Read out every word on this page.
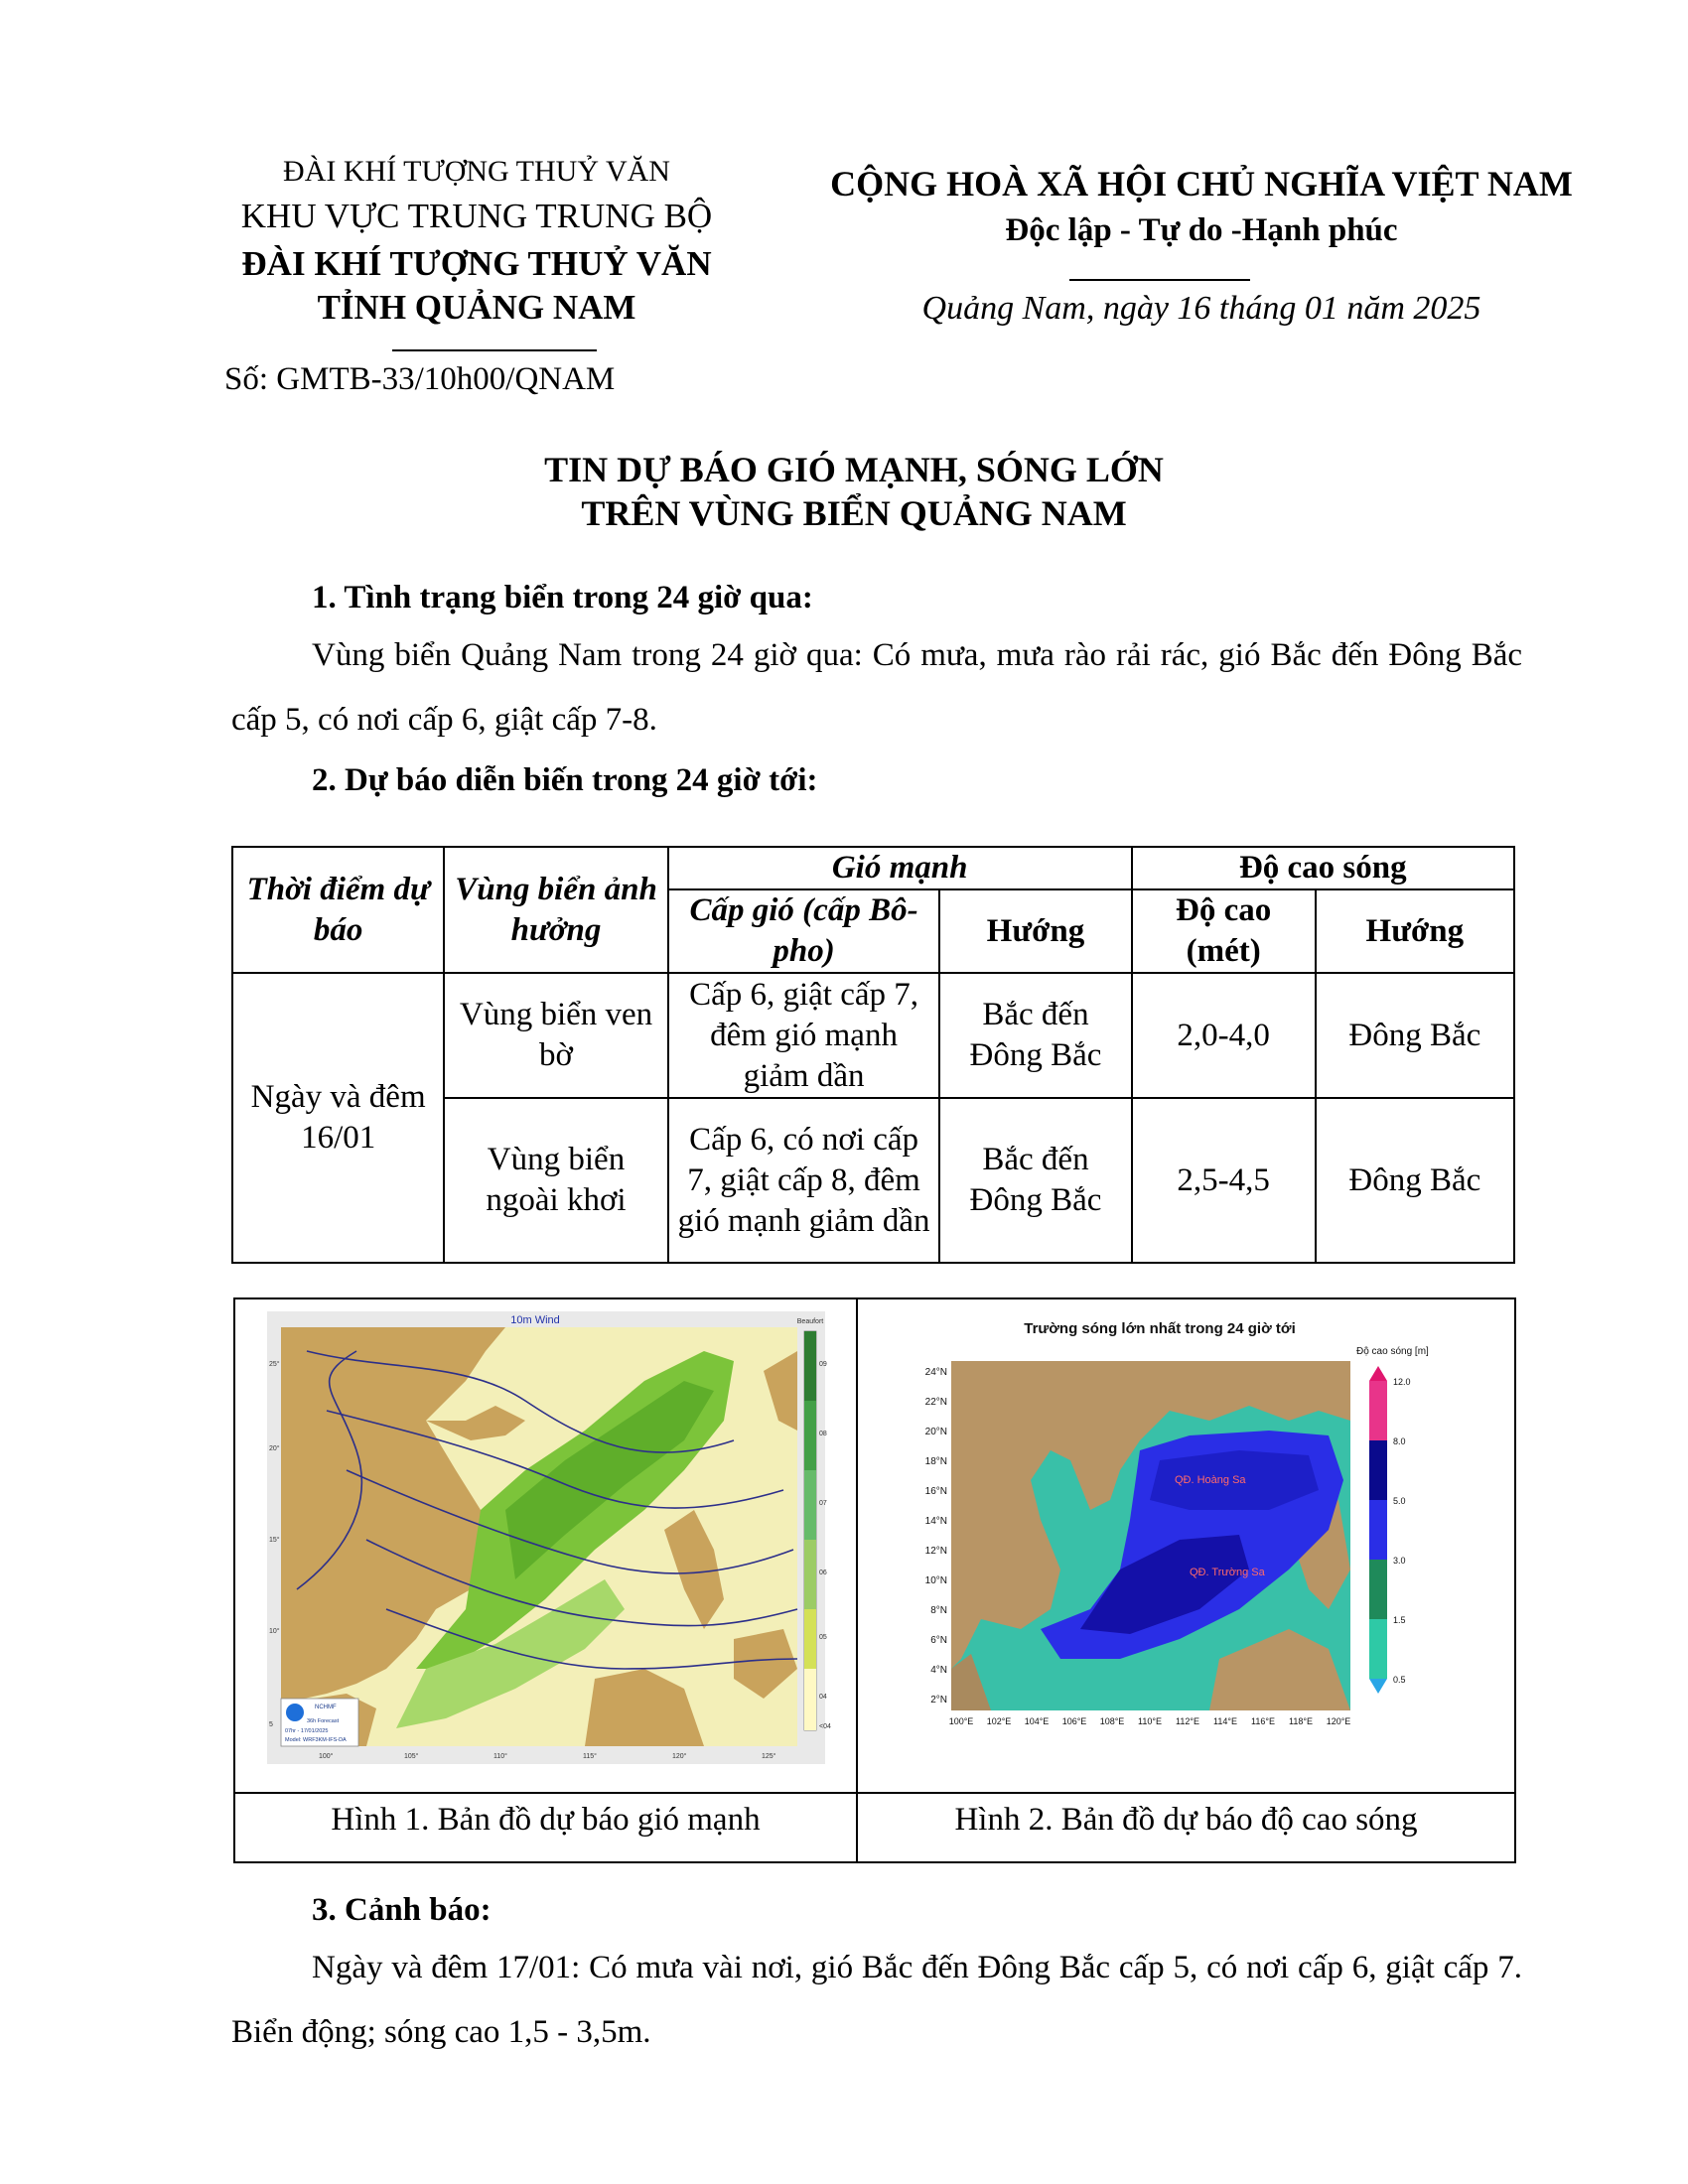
ĐÀI KHÍ TƯỢNG THUỶ VĂN
KHU VỰC TRUNG TRUNG BỘ
ĐÀI KHÍ TƯỢNG THUỶ VĂN
TỈNH QUẢNG NAM
Số: GMTB-33/10h00/QNAM
CỘNG HOÀ XÃ HỘI CHỦ NGHĨA VIỆT NAM
Độc lập - Tự do -Hạnh phúc
Quảng Nam, ngày 16 tháng 01 năm 2025
TIN DỰ BÁO GIÓ MẠNH, SÓNG LỚN
TRÊN VÙNG BIỂN QUẢNG NAM
1. Tình trạng biển trong 24 giờ qua:
Vùng biển Quảng Nam trong 24 giờ qua: Có mưa, mưa rào rải rác, gió Bắc đến Đông Bắc cấp 5, có nơi cấp 6, giật cấp 7-8.
2. Dự báo diễn biến trong 24 giờ tới:
Thời điểm dự báo	Vùng biển ảnh hưởng	Gió mạnh		Độ cao sóng	
		Cấp gió (cấp Bô-pho)	Hướng	Độ cao (mét)	Hướng
Ngày và đêm 16/01	Vùng biển ven bờ	Cấp 6, giật cấp 7, đêm gió mạnh giảm dần	Bắc đến Đông Bắc	2,0-4,0	Đông Bắc
	Vùng biển ngoài khơi	Cấp 6, có nơi cấp 7, giật cấp 8, đêm gió mạnh giảm dần	Bắc đến Đông Bắc	2,5-4,5	Đông Bắc
10m Wind	Beaufort
09
08
07
06
05
04
<04
25°
20°
15°
10°
5
100°	105°	110°	115°	120°	125°
NCHMF
36h Forecast
07hr - 17/01/2025
Model: WRF3KM-IFS-DA
Trường sóng lớn nhất trong 24 giờ tới
Độ cao sóng [m]
QĐ. Hoàng Sa
QĐ. Trường Sa
24°N
22°N
20°N
18°N
16°N
14°N
12°N
10°N
8°N
6°N
4°N
2°N
100°E 102°E 104°E 106°E 108°E 110°E 112°E 114°E 116°E 118°E 120°E
12.0
8.0
5.0
3.0
1.5
0.5
Hình 1. Bản đồ dự báo gió mạnh	Hình 2. Bản đồ dự báo độ cao sóng
3. Cảnh báo:
Ngày và đêm 17/01: Có mưa vài nơi, gió Bắc đến Đông Bắc cấp 5, có nơi cấp 6, giật cấp 7. Biển động; sóng cao 1,5 - 3,5m.
